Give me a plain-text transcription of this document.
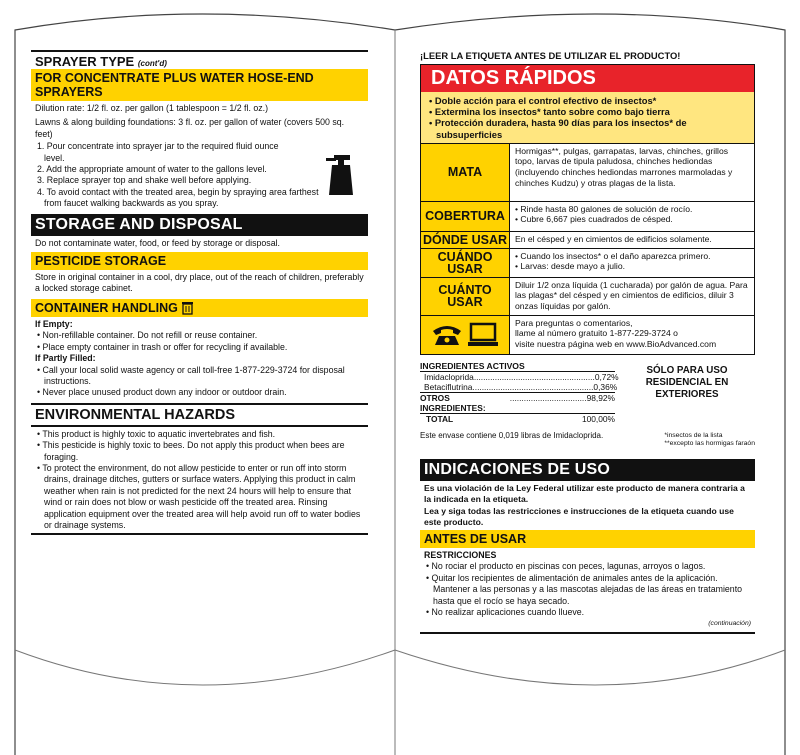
SPRAYER TYPE (cont'd)
FOR CONCENTRATE PLUS WATER HOSE-END SPRAYERS
Dilution rate: 1/2 fl. oz. per gallon (1 tablespoon = 1/2 fl. oz.)
Lawns & along building foundations: 3 fl. oz. per gallon of water (covers 500 sq. feet)
1. Pour concentrate into sprayer jar to the required fluid ounce level.
2. Add the appropriate amount of water to the gallons level.
3. Replace sprayer top and shake well before applying.
4. To avoid contact with the treated area, begin by spraying area farthest from faucet walking backwards as you spray.
STORAGE AND DISPOSAL
Do not contaminate water, food, or feed by storage or disposal.
PESTICIDE STORAGE
Store in original container in a cool, dry place, out of the reach of children, preferably a locked storage cabinet.
CONTAINER HANDLING
If Empty:
• Non-refillable container. Do not refill or reuse container.
• Place empty container in trash or offer for recycling if available.
If Partly Filled:
• Call your local solid waste agency or call toll-free 1-877-229-3724 for disposal instructions.
• Never place unused product down any indoor or outdoor drain.
ENVIRONMENTAL HAZARDS
• This product is highly toxic to aquatic invertebrates and fish.
• This pesticide is highly toxic to bees. Do not apply this product when bees are foraging.
• To protect the environment, do not allow pesticide to enter or run off into storm drains, drainage ditches, gutters or surface waters. Applying this product in calm weather when rain is not predicted for the next 24 hours will help to ensure that wind or rain does not blow or wash pesticide off the treated area. Rinsing application equipment over the treated area will help avoid run off to water bodies or drainage systems.
¡LEER LA ETIQUETA ANTES DE UTILIZAR EL PRODUCTO!
DATOS RÁPIDOS
• Doble acción para el control efectivo de insectos*
• Extermina los insectos* tanto sobre como bajo tierra
• Protección duradera, hasta 90 días para los insectos* de subsuperficies
MATA
Hormigas**, pulgas, garrapatas, larvas, chinches, grillos topo, larvas de tipula paludosa, chinches hediondas (incluyendo chinches hediondas marrones marmoladas y chinches Kudzu) y otras plagas de la lista.
COBERTURA
• Rinde hasta 80 galones de solución de rocío.
• Cubre 6,667 pies cuadrados de césped.
DÓNDE USAR En el césped y en cimientos de edificios solamente.
CUÁNDO USAR
• Cuando los insectos* o el daño aparezca primero.
• Larvas: desde mayo a julio.
CUÁNTO USAR
Diluir 1/2 onza líquida (1 cucharada) por galón de agua. Para las plagas* del césped y en cimientos de edificios, diluir 3 onzas líquidas por galón.
Para preguntas o comentarios,
llame al número gratuito 1-877-229-3724 o
visite nuestra página web en www.BioAdvanced.com
INGREDIENTES ACTIVOS
Imidacloprida .................................................... 0,72%
Betaciflutrina .................................................... 0,36%
OTROS INGREDIENTES:
................................. 98,92%
TOTAL	100,00%
SÓLO PARA USO RESIDENCIAL EN EXTERIORES
Este envase contiene 0,019 libras de Imidacloprida.	*insectos de la lista
**excepto las hormigas faraón
INDICACIONES DE USO
Es una violación de la Ley Federal utilizar este producto de manera contraria a la indicada en la etiqueta.
Lea y siga todas las restricciones e instrucciones de la etiqueta cuando use este producto.
ANTES DE USAR
RESTRICCIONES
• No rociar el producto en piscinas con peces, lagunas, arroyos o lagos.
• Quitar los recipientes de alimentación de animales antes de la aplicación. Mantener a las personas y a las mascotas alejadas de las áreas en tratamiento hasta que el rocío se haya secado.
• No realizar aplicaciones cuando llueve.
(continuación)
